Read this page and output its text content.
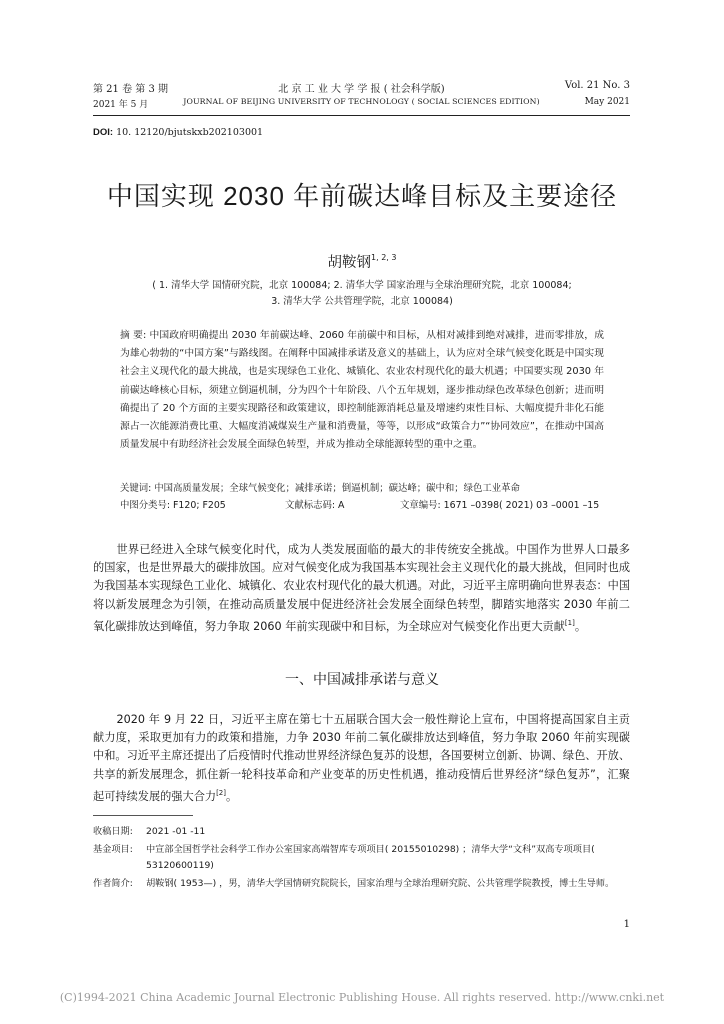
第 21 卷 第 3 期	北 京 工 业 大 学 学 报 ( 社会科学版)	Vol. 21 No. 3
2021 年 5 月	JOURNAL OF BEIJING UNIVERSITY OF TECHNOLOGY ( SOCIAL SCIENCES EDITION)	May 2021
DOI: 10. 12120/bjutskxb202103001
中国实现 2030 年前碳达峰目标及主要途径
胡鞍钢$^{1, 2, 3}$
( 1. 清华大学 国情研究院，北京 100084; 2. 清华大学 国家治理与全球治理研究院，北京 100084;
3. 清华大学 公共管理学院，北京 100084)
摘 要: 中国政府明确提出 2030 年前碳达峰、2060 年前碳中和目标，从相对减排到绝对减排，进而零排放，成为雄心勃勃的“中国方案”与路线图。在阐释中国减排承诺及意义的基础上，认为应对全球气候变化既是中国实现社会主义现代化的最大挑战，也是实现绿色工业化、城镇化、农业农村现代化的最大机遇；中国要实现 2030 年前碳达峰核心目标，须建立倒逼机制，分为四个十年阶段、八个五年规划，逐步推动绿色改革绿色创新；进而明确提出了 20 个方面的主要实现路径和政策建议，即控制能源消耗总量及增速约束性目标、大幅度提升非化石能源占一次能源消费比重、大幅度消减煤炭生产量和消费量，等等，以形成“政策合力”“协同效应”，在推动中国高质量发展中有助经济社会发展全面绿色转型，并成为推动全球能源转型的重中之重。
关键词: 中国高质量发展；全球气候变化；减排承诺；倒逼机制；碳达峰；碳中和；绿色工业革命
中图分类号: F120; F205	文献标志码: A	文章编号: 1671 –0398( 2021) 03 –0001 –15
世界已经进入全球气候变化时代，成为人类发展面临的最大的非传统安全挑战。中国作为世界人口最多的国家，也是世界最大的碳排放国。应对气候变化成为我国基本实现社会主义现代化的最大挑战，但同时也成为我国基本实现绿色工业化、城镇化、农业农村现代化的最大机遇。对此，习近平主席明确向世界表态：中国将以新发展理念为引领，在推动高质量发展中促进经济社会发展全面绿色转型，脚踏实地落实 2030 年前二氧化碳排放达到峰值，努力争取 2060 年前实现碳中和目标，为全球应对气候变化作出更大贡献[1]。
一、中国减排承诺与意义
2020 年 9 月 22 日，习近平主席在第七十五届联合国大会一般性辩论上宣布，中国将提高国家自主贡献力度，采取更加有力的政策和措施，力争 2030 年前二氧化碳排放达到峰值，努力争取 2060 年前实现碳中和。习近平主席还提出了后疫情时代推动世界经济绿色复苏的设想，各国要树立创新、协调、绿色、开放、共享的新发展理念，抓住新一轮科技革命和产业变革的历史性机遇，推动疫情后世界经济“绿色复苏”，汇聚起可持续发展的强大合力[2]。
收稿日期: 2021 -01 -11
基金项目: 中宣部全国哲学社会科学工作办公室国家高端智库专项项目( 20155010298) ；清华大学“文科”双高专项项目( 53120600119)
作者简介: 胡鞍钢( 1953—) ，男，清华大学国情研究院院长，国家治理与全球治理研究院、公共管理学院教授，博士生导师。
1
(C)1994-2021 China Academic Journal Electronic Publishing House. All rights reserved. http://www.cnki.net
